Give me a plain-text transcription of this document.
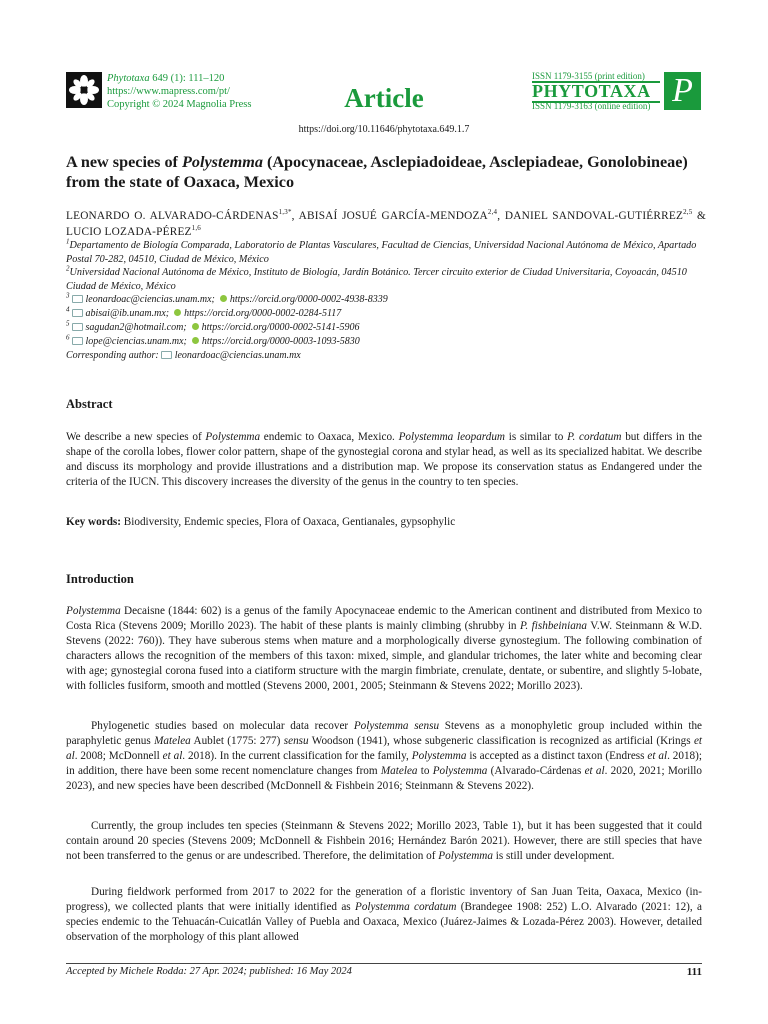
Phytotaxa 649 (1): 111–120
https://www.mapress.com/pt/
Copyright © 2024 Magnolia Press	Article
ISSN 1179-3155 (print edition)
PHYTOTAXA
ISSN 1179-3163 (online edition) P
https://doi.org/10.11646/phytotaxa.649.1.7
A new species of Polystemma (Apocynaceae, Asclepiadoideae, Asclepiadeae, Gonolobineae) from the state of Oaxaca, Mexico
LEONARDO O. ALVARADO-$CÁRDENAS^{1,3*}$, ABISAÍ JOSUÉ GARCÍA-MENDOZA$^{2,4}$, DANIEL SANDOVAL-GUTIÉRREZ$^{2,5}$ & LUCIO LOZADA-PÉREZ$^{1,6}$
$^1$Departamento de Biología Comparada, Laboratorio de Plantas Vasculares, Facultad de Ciencias, Universidad Nacional Autónoma de México, Apartado Postal 70-282, 04510, Ciudad de México, México
$^2$Universidad Nacional Autónoma de México, Instituto de Biología, Jardín Botánico. Tercer circuito exterior de Ciudad Universitaria, Coyoacán, 04510 Ciudad de México, México
$^3$ leonardoac@ciencias.unam.mx; https://orcid.org/0000-0002-4938-8339
$^4$ abisai@ib.unam.mx; https://orcid.org/0000-0002-0284-5117
$^5$ sagudan2@hotmail.com; https://orcid.org/0000-0002-5141-5906
$^6$ lope@ciencias.unam.mx; https://orcid.org/0000-0003-1093-5830
Corresponding author: leonardoac@ciencias.unam.mx
Abstract
We describe a new species of Polystemma endemic to Oaxaca, Mexico. Polystemma leopardum is similar to P. cordatum but differs in the shape of the corolla lobes, flower color pattern, shape of the gynostegial corona and stylar head, as well as its specialized habitat. We describe and discuss its morphology and provide illustrations and a distribution map. We propose its conservation status as Endangered under the criteria of the IUCN. This discovery increases the diversity of the genus in the country to ten species.
Key words: Biodiversity, Endemic species, Flora of Oaxaca, Gentianales, gypsophylic
Introduction
Polystemma Decaisne (1844: 602) is a genus of the family Apocynaceae endemic to the American continent and distributed from Mexico to Costa Rica (Stevens 2009; Morillo 2023). The habit of these plants is mainly climbing (shrubby in P. fishbeiniana V.W. Steinmann & W.D. Stevens (2022: 760)). They have suberous stems when mature and a morphologically diverse gynostegium. The following combination of characters allows the recognition of the members of this taxon: mixed, simple, and glandular trichomes, the later white and becoming clear with age; gynostegial corona fused into a ciatiform structure with the margin fimbriate, crenulate, dentate, or subentire, and slightly 5-lobate, with follicles fusiform, smooth and mottled (Stevens 2000, 2001, 2005; Steinmann & Stevens 2022; Morillo 2023).
Phylogenetic studies based on molecular data recover Polystemma sensu Stevens as a monophyletic group included within the paraphyletic genus Matelea Aublet (1775: 277) sensu Woodson (1941), whose subgeneric classification is recognized as artificial (Krings et al. 2008; McDonnell et al. 2018). In the current classification for the family, Polystemma is accepted as a distinct taxon (Endress et al. 2018); in addition, there have been some recent nomenclature changes from Matelea to Polystemma (Alvarado-Cárdenas et al. 2020, 2021; Morillo 2023), and new species have been described (McDonnell & Fishbein 2016; Steinmann & Stevens 2022).
Currently, the group includes ten species (Steinmann & Stevens 2022; Morillo 2023, Table 1), but it has been suggested that it could contain around 20 species (Stevens 2009; McDonnell & Fishbein 2016; Hernández Barón 2021). However, there are still species that have not been transferred to the genus or are undescribed. Therefore, the delimitation of Polystemma is still under development.
During fieldwork performed from 2017 to 2022 for the generation of a floristic inventory of San Juan Teita, Oaxaca, Mexico (in-progress), we collected plants that were initially identified as Polystemma cordatum (Brandegee 1908: 252) L.O. Alvarado (2021: 12), a species endemic to the Tehuacán-Cuicatlán Valley of Puebla and Oaxaca, Mexico (Juárez-Jaimes & Lozada-Pérez 2003). However, detailed observation of the morphology of this plant allowed
Accepted by Michele Rodda: 27 Apr. 2024; published: 16 May 2024	111
